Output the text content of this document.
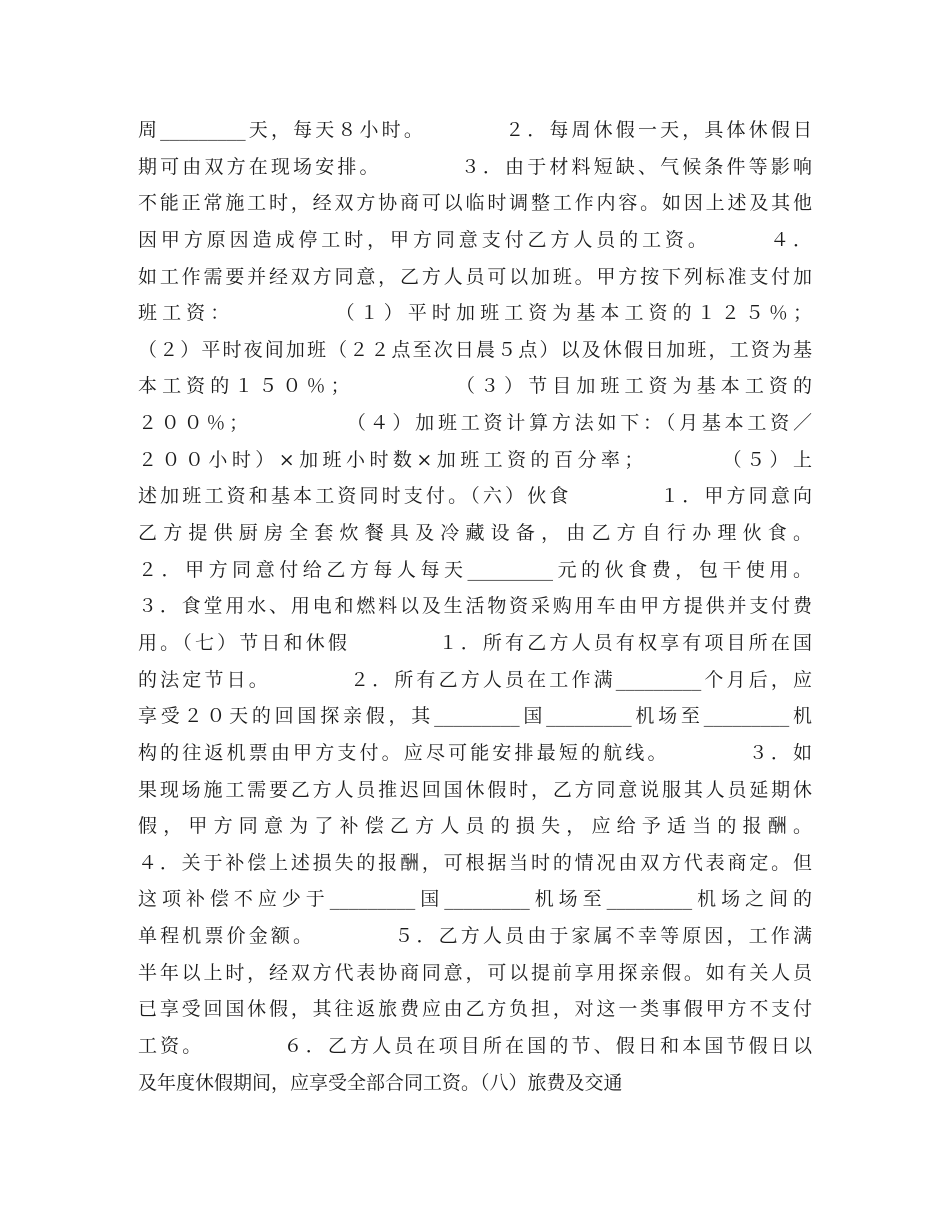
周_________天，每天８小时。　　　　２．每周休假一天，具体休假日
期可由双方在现场安排。　　　　３．由于材料短缺、气候条件等影响
不能正常施工时，经双方协商可以临时调整工作内容。如因上述及其他
因甲方原因造成停工时，甲方同意支付乙方人员的工资。　　　４．
如工作需要并经双方同意，乙方人员可以加班。甲方按下列标准支付加
班工资：　　　　　（１）平时加班工资为基本工资的１２５％；
（２）平时夜间加班（２２点至次日晨５点）以及休假日加班，工资为基
本工资的１５０％；　　　　　（３）节目加班工资为基本工资的
２００％；　　　　　（４）加班工资计算方法如下：（月基本工资／
２００小时）×加班小时数×加班工资的百分率；　　　　（５）上
述加班工资和基本工资同时支付。（六）伙食　　　　１．甲方同意向
乙方提供厨房全套炊餐具及冷藏设备，由乙方自行办理伙食。
２．甲方同意付给乙方每人每天_________元的伙食费，包干使用。
３．食堂用水、用电和燃料以及生活物资采购用车由甲方提供并支付费
用。（七）节日和休假　　　　１．所有乙方人员有权享有项目所在国
的法定节日。　　　　２．所有乙方人员在工作满_________个月后，应
享受２０天的回国探亲假，其_________国_________机场至_________机
构的往返机票由甲方支付。应尽可能安排最短的航线。　　　　３．如
果现场施工需要乙方人员推迟回国休假时，乙方同意说服其人员延期休
假，甲方同意为了补偿乙方人员的损失，应给予适当的报酬。
４．关于补偿上述损失的报酬，可根据当时的情况由双方代表商定。但
这项补偿不应少于_________国_________机场至_________机场之间的
单程机票价金额。　　　　５．乙方人员由于家属不幸等原因，工作满
半年以上时，经双方代表协商同意，可以提前享用探亲假。如有关人员
已享受回国休假，其往返旅费应由乙方负担，对这一类事假甲方不支付
工资。　　　　６．乙方人员在项目所在国的节、假日和本国节假日以
及年度休假期间，应享受全部合同工资。（八）旅费及交通
